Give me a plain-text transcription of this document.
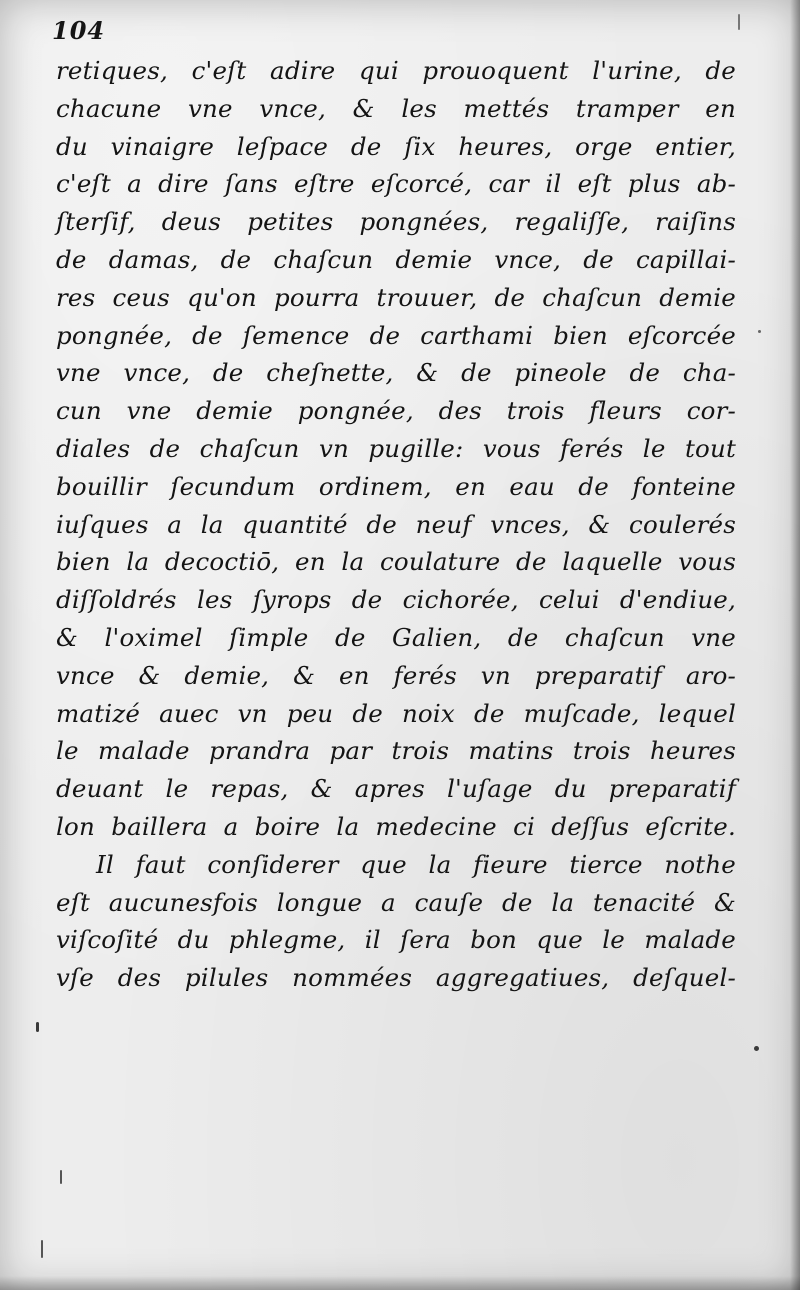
104
retiques, c'eſt adire qui prouoquent l'urine, de
chacune vne vnce, & les mettés tramper en
du vinaigre leſpace de ſix heures, orge entier,
c'eſt a dire ſans eſtre eſcorcé, car il eſt plus ab-
ſterſif, deus petites pongnées, regaliſſe, raiſins
de damas, de chaſcun demie vnce, de capillai-
res ceus qu'on pourra trouuer, de chaſcun demie
pongnée, de ſemence de carthami bien eſcorcée
vne vnce, de cheſnette, & de pineole de cha-
cun vne demie pongnée, des trois fleurs cor-
diales de chaſcun vn pugille: vous ferés le tout
bouillir ſecundum ordinem, en eau de fonteine
iuſques a la quantité de neuf vnces, & coulerés
bien la decoctiō, en la coulature de laquelle vous
diſſoldrés les ſyrops de cichorée, celui d'endiue,
& l'oximel ſimple de Galien, de chaſcun vne
vnce & demie, & en ferés vn preparatif aro-
matizé auec vn peu de noix de muſcade, lequel
le malade prandra par trois matins trois heures
deuant le repas, & apres l'uſage du preparatif
lon baillera a boire la medecine ci deſſus eſcrite.
Il faut conſiderer que la fieure tierce nothe
eſt aucunesfois longue a cauſe de la tenacité &
viſcoſité du phlegme, il ſera bon que le malade
vſe des pilules nommées aggregatiues, deſquel-
